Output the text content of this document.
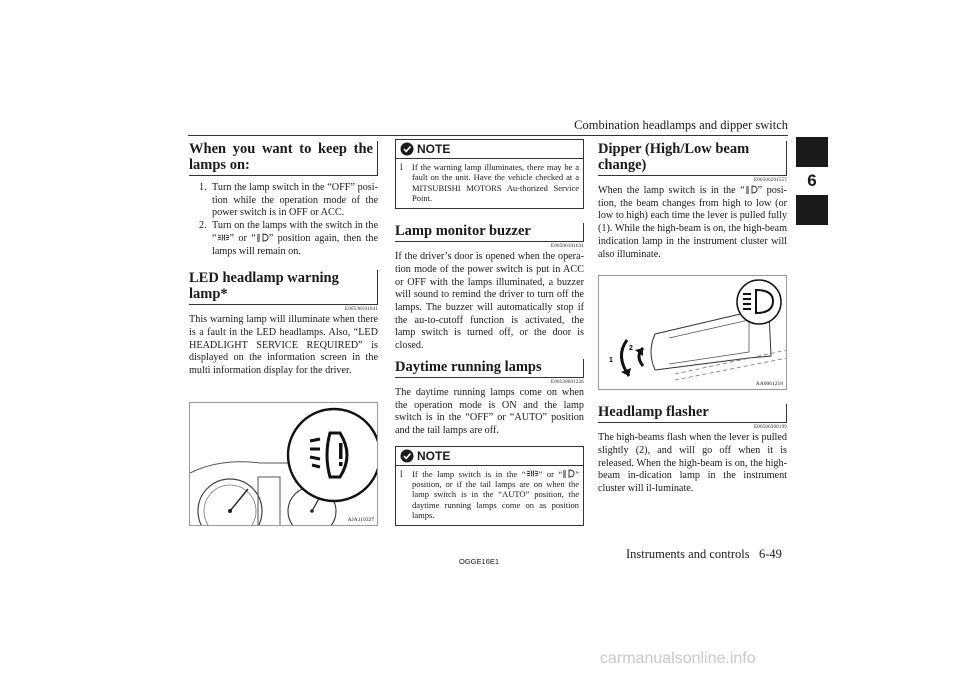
Combination headlamps and dipper switch
6
When you want to keep the lamps on:
1. Turn the lamp switch in the “OFF” posi-tion while the operation mode of the power switch is in OFF or ACC.
2. Turn on the lamps with the switch in the “ ” or “ ” position again, then the lamps will remain on.
LED headlamp warning lamp*
E00538101041

This warning lamp will illuminate when there is a fault in the LED headlamps. Also, “LED HEADLIGHT SERVICE REQUIRED” is displayed on the information screen in the multi information display for the driver.

AJA110327
NOTE
l	If the warning lamp illuminates, there may be a fault on the unit. Have the vehicle checked at a MITSUBISHI MOTORS Au-thorized Service Point.
Lamp monitor buzzer
E00506101631

If the driver’s door is opened when the opera-tion mode of the power switch is put in ACC or OFF with the lamps illuminated, a buzzer will sound to remind the driver to turn off the lamps. The buzzer will automatically stop if the au-to-cutoff function is activated, the lamp switch is turned off, or the door is closed.

Daytime running lamps
E00530601226

The daytime running lamps come on when the operation mode is ON and the lamp switch is in the “OFF” or “AUTO” position and the tail lamps are off.

NOTE
l	If the lamp switch is in the “ ” or “ ” position, or if the tail lamps are on when the lamp switch is in the “AUTO” position, the daytime running lamps come on as position lamps.
Dipper (High/Low beam change)
E00506201557

When the lamp switch is in the “ ” posi-tion, the beam changes from high to low (or low to high) each time the lever is pulled fully (1). While the high-beam is on, the high-beam indication lamp in the instrument cluster will also illuminate.

1
2
AA0061218
Headlamp flasher
E00506300199

The high-beams flash when the lever is pulled slightly (2), and will go off when it is released. When the high-beam is on, the high-beam in-dication lamp in the instrument cluster will il-luminate.

OGGE16E1
Instruments and controls 6-49
carmanualsonline.info
